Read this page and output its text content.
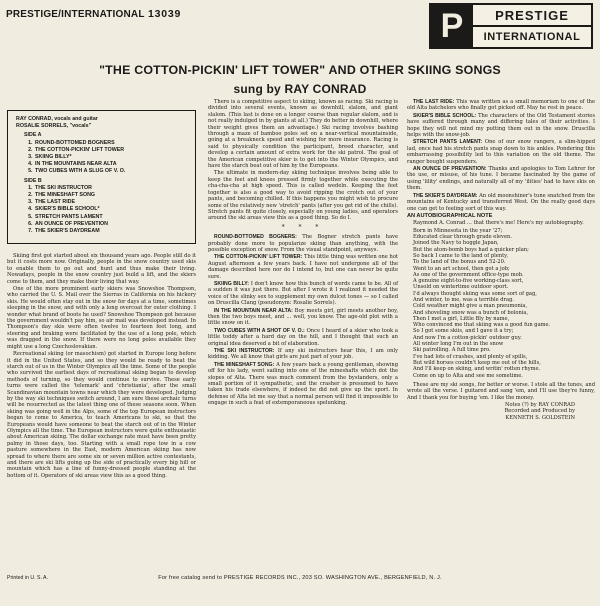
PRESTIGE/INTERNATIONAL 13039	P	PRESTIGE
INTERNATIONAL
"THE COTTON-PICKIN' LIFT TOWER" AND OTHER SKIING SONGS
sung by RAY CONRAD
RAY CONRAD, vocals and guitar
ROSALIE SORRELS, "vocals"
SIDE A
1. ROUND-BOTTOMED BOGNERS
2. THE COTTON-PICKIN' LIFT TOWER
3. SKIING BILLY*
4. IN THE MOUNTAINS NEAR ALTA
5. TWO CUBES WITH A SLUG OF V. O.
SIDE B
1. THE SKI INSTRUCTOR
2. THE MINESHAFT SONG
3. THE LAST RIDE
4. SKIER'S BIBLE SCHOOL*
5. STRETCH PANTS LAMENT
6. AN OUNCE OF PREVENTION
7. THE SKIER'S DAYDREAM

Skiing first got started about six thousand years ago. People still do it but it costs more now. Originally, people in the snow country used skis to enable them to go out and hunt and thus make their living. Nowadays, people in the snow country just build a lift, and the skiers come to them, and they make their living that way.

One of the more prominent early skiers was Snowshoe Thompson, who carried the U. S. Mail over the Sierras in California on his hickory skis. He would often stay out in the snow for days at a time, sometimes sleeping in the snow, and with only a long overcoat for outer clothing. I wonder what brand of boots he used? Snowshoe Thompson got because the government wouldn't pay him, so air mail was developed instead. In Thompson's day skis were often twelve to fourteen feet long, and steering and braking were facilitated by the use of a long pole, which was dragged in the snow. If there were no long poles available they might use a long Czechoslovakian.

Recreational skiing (or masochism) got started in Europe long before it did in the United States, and so they would be ready to beat the starch out of us in the Winter Olympics all the time. Some of the people who survived the earliest days of recreational skiing began to develop methods of turning, so they would continue to survive. These early turns were called the 'telemark' and 'christiania', after the small Scandinavian mountain towns near which they were developed. Judging by the way ski techniques switch around, I am sure these archaic turns will be resurrected as the latest thing one of these seasons soon. When skiing was going well in the Alps, some of the top European instructors began to come to America, to teach Americans to ski, so that the Europeans would have someone to beat the starch out of in the Winter Olympics all the time. The European instructors were quite enthusiastic about American skiing. The dollar exchange rate must have been pretty palmy in those days, too. Starting with a small rope tow in a cow pasture somewhere in the East, modern American skiing has now spread to where there are some six or seven million active contestants, and there are ski lifts going up the side of practically every big hill or mountain which has a line of funny-dressed people standing at the bottom of it. Operators of ski areas view this as a good thing.

There is a competitive aspect to skiing, known as racing. Ski racing is divided into several events, known as downhill, slalom, and giant slalom. (This last is done on a longer course than regular slalom, and is not really indulged in by giants at all.) They do better in downhill, where their weight gives them an advantage.) Ski racing involves bashing through a maze of bamboo poles set on a near-vertical mountainside, going at a breakneck speed and wishing for more insurance. Racing is said to physically condition the participant, breed character, and develop a certain amount of extra work for the ski patrol. The goal of the American competitive skier is to get into the Winter Olympics, and have the starch beat out of him by the Europeans.

The ultimate in modern-day skiing technique involves being able to keep the feet and knees pressed firmly together while executing the cha-cha-cha at high speed. This is called wedeln. Keeping the feet together is also a good way to avoid ripping the crotch out of your pants, and becoming chilled. If this happens you might wish to procure some of the relatively new 'stretch' pants (after you get rid of the chills). Stretch pants fit quite closely, especially on young ladies, and operators around the ski areas view this as a good thing. So do I.

* * *

ROUND-BOTTOMED BOGNERS: The Bogner stretch pants have probably done more to popularize skiing than anything, with the possible exception of snow. From the visual standpoint, anyways.

THE COTTON-PICKIN' LIFT TOWER: This little thing was written one hot August afternoon a few years back. I have not undergone all of the damage described here nor do I intend to, but one can never be quite sure.

SKIING BILLY: I don't know how this bunch of words came to be. All of a sudden it was just there. But after I wrote it I realized it needed the voice of the slinky sex to supplement my own dulcet tones — so I called on Druscilla Clang (pseudonym: Rosalie Sorrels).

IN THE MOUNTAIN NEAR ALTA: Boy meets girl, girl meets another boy, then the two boys meet, and ... well, you know. The age-old plot with a little snow on it.

TWO CUBES WITH A SHOT OF V. O.: Once I heard of a skier who took a little toddy after a hard day on the hill, and I thought that such an original idea deserved a bit of elaboration.

THE SKI INSTRUCTOR: If any ski instructors hear this, I am only kidding. We all know that girls are just part of your job.

THE MINESHAFT SONG: A few years back a young gentleman, showing off for his lady, went sailing into one of the mineshafts which dot the slopes of Alta. There was much comment from the bystanders, only a small portion of it sympathetic, and the crasher is presumed to have taken his trade elsewhere, if indeed he did not give up the sport. In defense of Alta let me say that a normal person will find it impossible to engage in such a feat of extemporaneous spelunking.

THE LAST RIDE: This was written as a small memoriam to one of the old Alta batchelors who finally got picked off. May he rest in peace.

SKIER'S BIBLE SCHOOL: The characters of the Old Testament stories have suffered through many and differing tales of their activities. I hope they will not mind my putting them out in the snow. Druscilla helps with the snow-job.

STRETCH PANTS LAMENT: One of our snow rangers, a slim-hipped lad, once had his stretch pants snap down to his ankles. Pondering this embarrassing possibility led to this variation on the old theme. The ranger bought suspenders.

AN OUNCE OF PREVENTION: Thanks and apologies to Tom Lehrer for the use, or misuse, of his tune. I became fascinated by the game of using 'lility' endings, and naturally all of my 'ilities' had to have skis on them.

THE SKIER'S DAYDREAM: An old moonshiner's tune snatched from the mountains of Kentucky and transferred West. On the really good days one can get to feeling sort of this way.

AN AUTOBIOGRAPHICAL NOTE

Raymond A. Conrad ... that there's me! Here's my autobiography.

Born in Minnesota in the year '27;
Educated clear through grade eleven.
Joined the Navy to hoggle Japan,
But the atom-bomb boys had a quicker plan;
So back I came to the land of plenty,
To the land of the bonus and 52-20.
Went to an art school, then got a job;
As one of the government office-type mob.
A genuine eight-to-five working-class sort,
Unsold on wintertime outdoor sport.
I'd always thought skiing was some sort of gag,
And winter, to me, was a terrible drag.
Cold weather might give a man pneumonia,
And shoveling snow was a bunch of bolonia,
Then I met a girl, Little Bly by name,
Who convinced me that skiing was a good fun game.
So I got some skiis, and I gave it a try;
And now I'm a cotton-pickin' outdoor guy.
All winter long I'm out in the snow
Ski patrolling. A full time pro.
I've had lots of crashes, and plenty of spills,
But wild horses couldn't keep me out of the hills,
And I'll keep on skiing, and writin' rotten rhyme.
Come on up to Alta and see me sometime.

These are my ski songs, for better or worse. I stole all the tunes, and wrote all the verse. I guitared and sang 'em, and I'll use they're funny, And I thank you for buying 'em. I like the money.

Notes (?) by RAY CONRAD
Recorded and Produced by
KENNETH S. GOLDSTEIN
Printed in U. S. A.	For free catalog send to PRESTIGE RECORDS INC., 203 SO. WASHINGTON AVE., BERGENFIELD, N. J.
